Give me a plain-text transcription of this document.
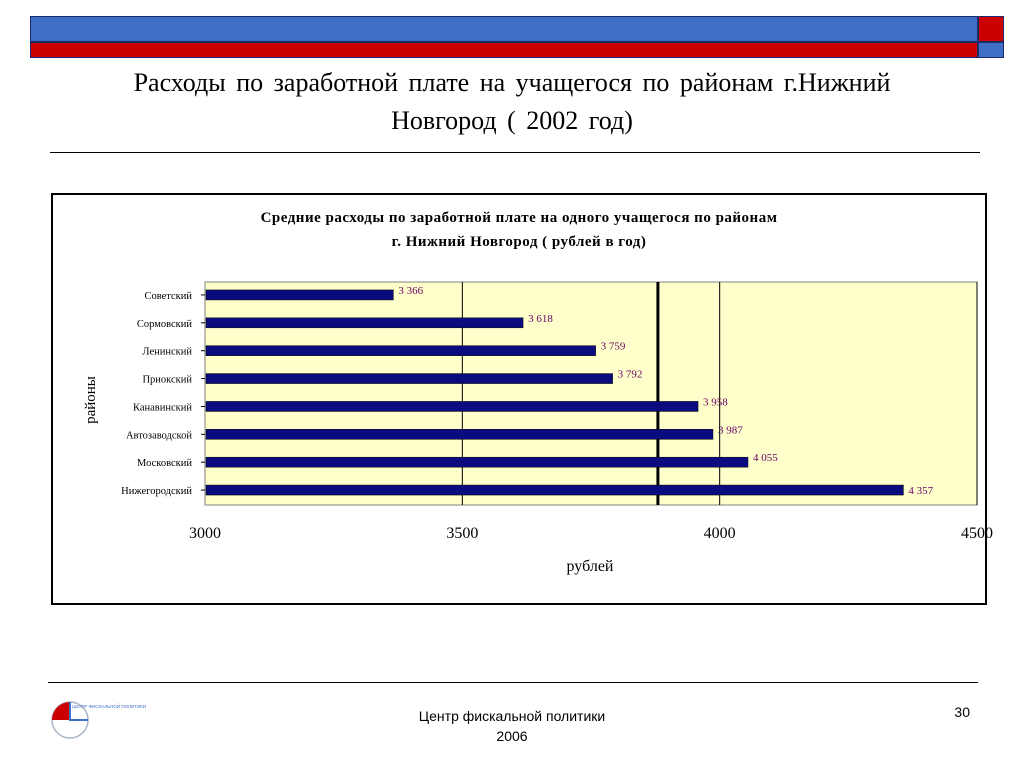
Расходы по заработной плате на учащегося по районам г.Нижний
Новгород ( 2002 год)
3000	3500	4000	4500
Советский	3 366
Сормовский	3 618
Ленинский	3 759
Приокский	3 792
Канавинский	3 958
Автозаводской	3 987
Московский	4 055
Нижегородский	4 357
Средние расходы по заработной плате на одного учащегося по районам
г. Нижний Новгород ( рублей в год)
районы
рублей
ЦЕНТР ФИСКАЛЬНОЙ ПОЛИТИКИ
Центр фискальной политики
2006
30
